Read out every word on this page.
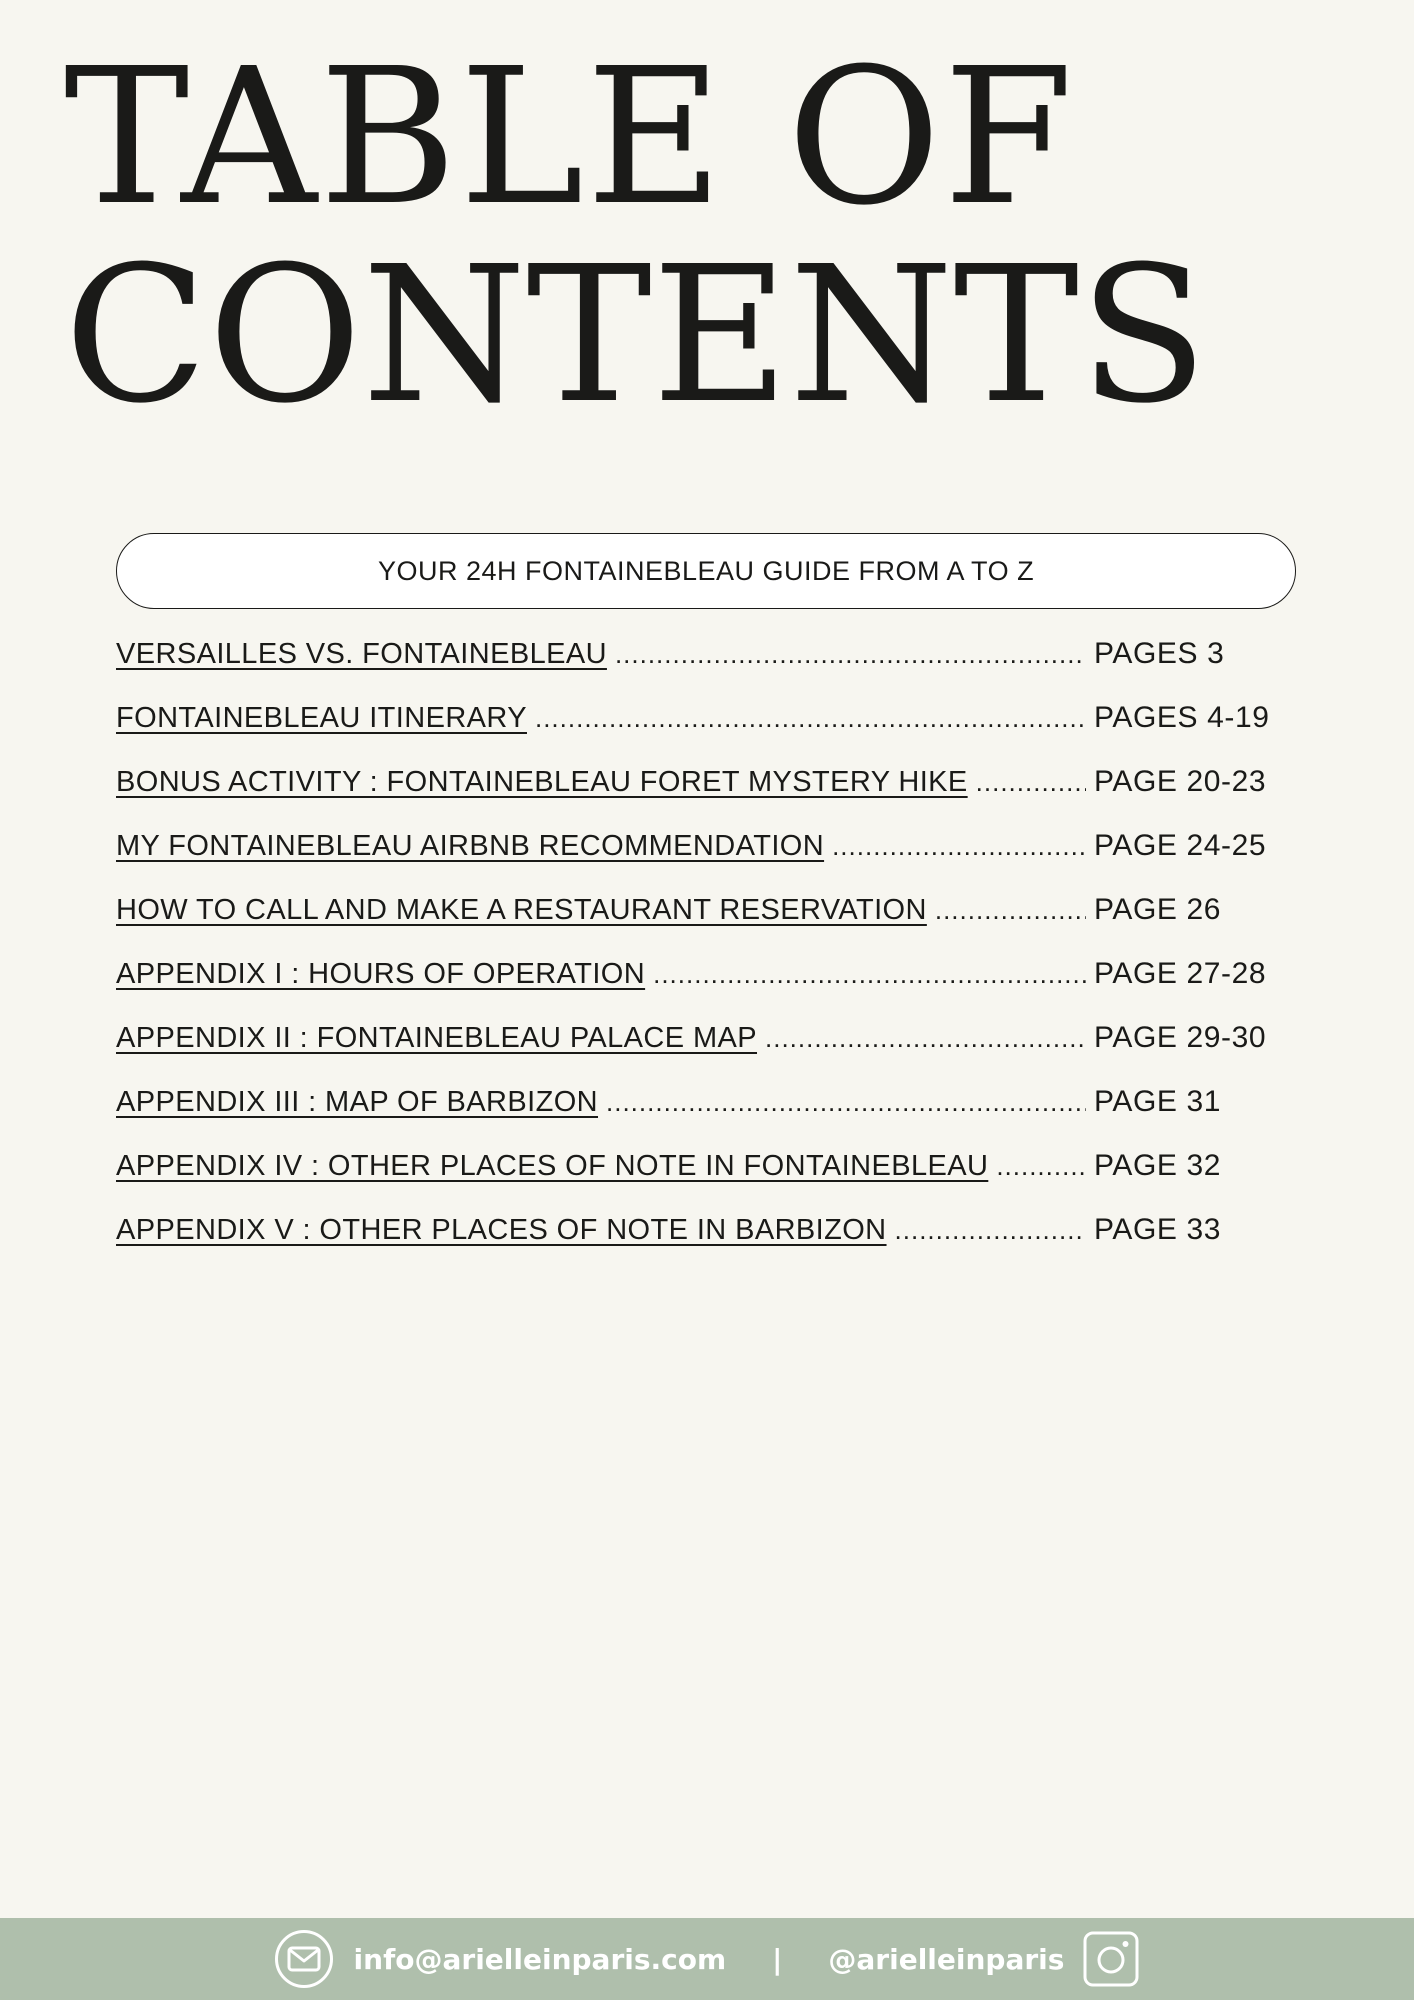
TABLE OF
CONTENTS
YOUR 24H FONTAINEBLEAU GUIDE FROM A TO Z
VERSAILLES VS. FONTAINEBLEAU .....	PAGES 3
FONTAINEBLEAU ITINERARY .....	PAGES 4-19
BONUS ACTIVITY : FONTAINEBLEAU FORET MYSTERY HIKE .....	PAGE 20-23
MY FONTAINEBLEAU AIRBNB RECOMMENDATION .....	PAGE 24-25
HOW TO CALL AND MAKE A RESTAURANT RESERVATION .....	PAGE 26
APPENDIX I : HOURS OF OPERATION .....	PAGE 27-28
APPENDIX II : FONTAINEBLEAU PALACE MAP .....	PAGE 29-30
APPENDIX III : MAP OF BARBIZON .....	PAGE 31
APPENDIX IV : OTHER PLACES OF NOTE IN FONTAINEBLEAU .....	PAGE 32
APPENDIX V : OTHER PLACES OF NOTE IN BARBIZON .....	PAGE 33
info@arielleinparis.com | @arielleinparis
